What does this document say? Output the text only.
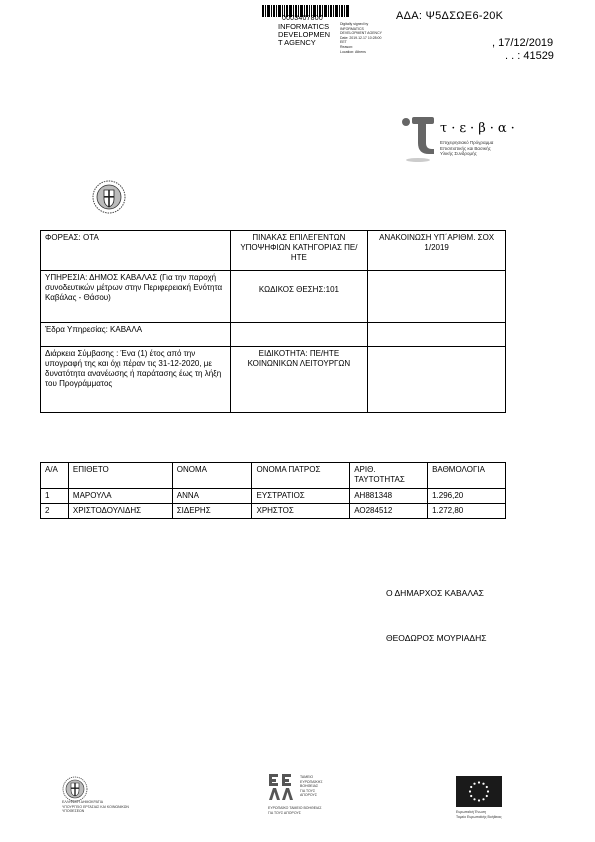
0003407800
INFORMATICS
DEVELOPMEN
T AGENCY
Digitally signed by
INFORMATICS
DEVELOPMENT AGENCY
Date: 2019.12.17 10:28:00
EET
Reason:
Location: Athens
ΑΔΑ: Ψ5ΔΣΩΕ6-20Κ
, 17/12/2019
. . : 41529
τ·ε·β·α·
Επιχειρησιακό Πρόγραμμα
Επισιτιστικής και Βασικής
Υλικής Συνδρομής
ΦΟΡΕΑΣ: ΟΤΑ	ΠΙΝΑΚΑΣ ΕΠΙΛΕΓΕΝΤΩΝ ΥΠΟΨΗΦΙΩΝ ΚΑΤΗΓΟΡΙΑΣ ΠΕ/ΗΤΕ	ΑΝΑΚΟΙΝΩΣΗ ΥΠ΄ΑΡΙΘΜ. ΣΟΧ 1/2019
ΥΠΗΡΕΣΙΑ: ΔΗΜΟΣ ΚΑΒΑΛΑΣ (Για την παροχή συνοδευτικών μέτρων στην Περιφερειακή Ενότητα Καβάλας - Θάσου)	ΚΩΔΙΚΟΣ ΘΕΣΗΣ:101	
Έδρα Υπηρεσίας: ΚΑΒΑΛΑ		
Διάρκεια Σύμβασης : Ένα (1) έτος από την υπογραφή της και όχι πέραν τις 31-12-2020, με δυνατότητα ανανέωσης ή παράτασης έως τη λήξη του Προγράμματος	ΕΙΔΙΚΟΤΗΤΑ: ΠΕ/ΗΤΕ ΚΟΙΝΩΝΙΚΩΝ ΛΕΙΤΟΥΡΓΩΝ	
Α/Α	ΕΠΙΘΕΤΟ	ΟΝΟΜΑ	ΟΝΟΜΑ ΠΑΤΡΟΣ	ΑΡΙΘ. ΤΑΥΤΟΤΗΤΑΣ	ΒΑΘΜΟΛΟΓΙΑ
1	ΜΑΡΟΥΛΑ	ΑΝΝΑ	ΕΥΣΤΡΑΤΙΟΣ	ΑΗ881348	1.296,20
2	ΧΡΙΣΤΟΔΟΥΛΙΔΗΣ	ΣΙΔΕΡΗΣ	ΧΡΗΣΤΟΣ	ΑΟ284512	1.272,80
Ο ΔΗΜΑΡΧΟΣ ΚΑΒΑΛΑΣ
ΘΕΟΔΩΡΟΣ ΜΟΥΡΙΑΔΗΣ
ΕΛΛΗΝΙΚΗ ΔΗΜΟΚΡΑΤΙΑ
ΥΠΟΥΡΓΕΙΟ ΕΡΓΑΣΙΑΣ ΚΑΙ ΚΟΙΝΩΝΙΚΩΝ ΥΠΟΘΕΣΕΩΝ
ΤΑΜΕΙΟ
ΕΥΡΩΠΑΪΚΗΣ
ΒΟΗΘΕΙΑΣ
ΓΙΑ ΤΟΥΣ ΑΠΟΡΟΥΣ
ΕΥΡΩΠΑΪΚΟ ΤΑΜΕΙΟ ΒΟΗΘΕΙΑΣ
ΓΙΑ ΤΟΥΣ ΑΠΟΡΟΥΣ	Ευρωπαϊκή Ένωση
Ταμείο Ευρωπαϊκής Βοήθειας
